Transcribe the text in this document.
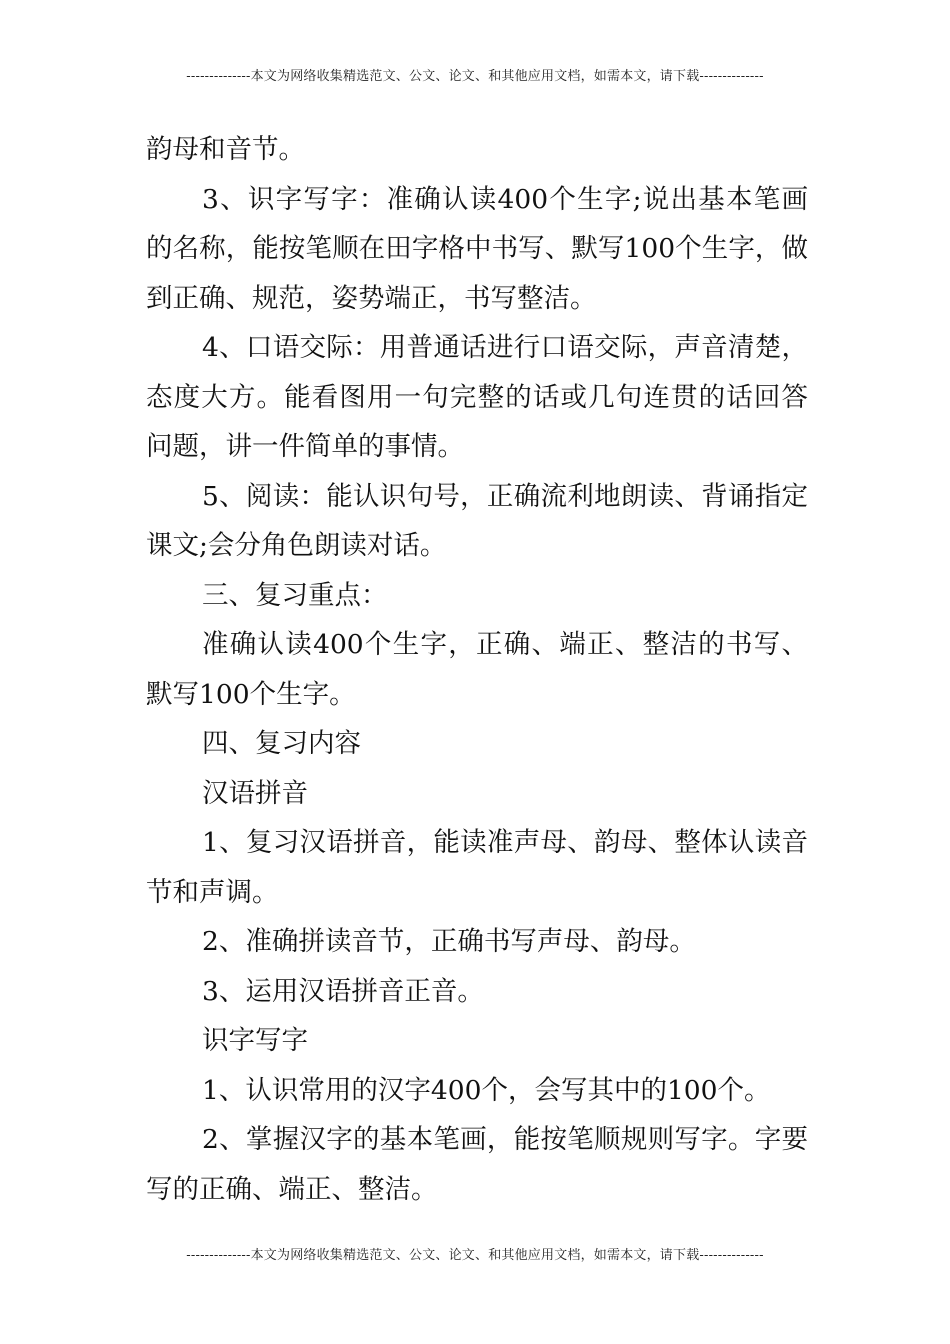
--------------本文为网络收集精选范文、公文、论文、和其他应用文档，如需本文，请下载--------------

韵母和音节。

3、识字写字：准确认读400个生字;说出基本笔画的名称，能按笔顺在田字格中书写、默写100个生字，做到正确、规范，姿势端正，书写整洁。

4、口语交际：用普通话进行口语交际，声音清楚，态度大方。能看图用一句完整的话或几句连贯的话回答问题，讲一件简单的事情。

5、阅读：能认识句号，正确流利地朗读、背诵指定课文;会分角色朗读对话。

三、复习重点：

准确认读400个生字，正确、端正、整洁的书写、默写100个生字。

四、复习内容

汉语拼音

1、复习汉语拼音，能读准声母、韵母、整体认读音节和声调。

2、准确拼读音节，正确书写声母、韵母。

3、运用汉语拼音正音。

识字写字

1、认识常用的汉字400个，会写其中的100个。

2、掌握汉字的基本笔画，能按笔顺规则写字。字要写的正确、端正、整洁。

--------------本文为网络收集精选范文、公文、论文、和其他应用文档，如需本文，请下载--------------
